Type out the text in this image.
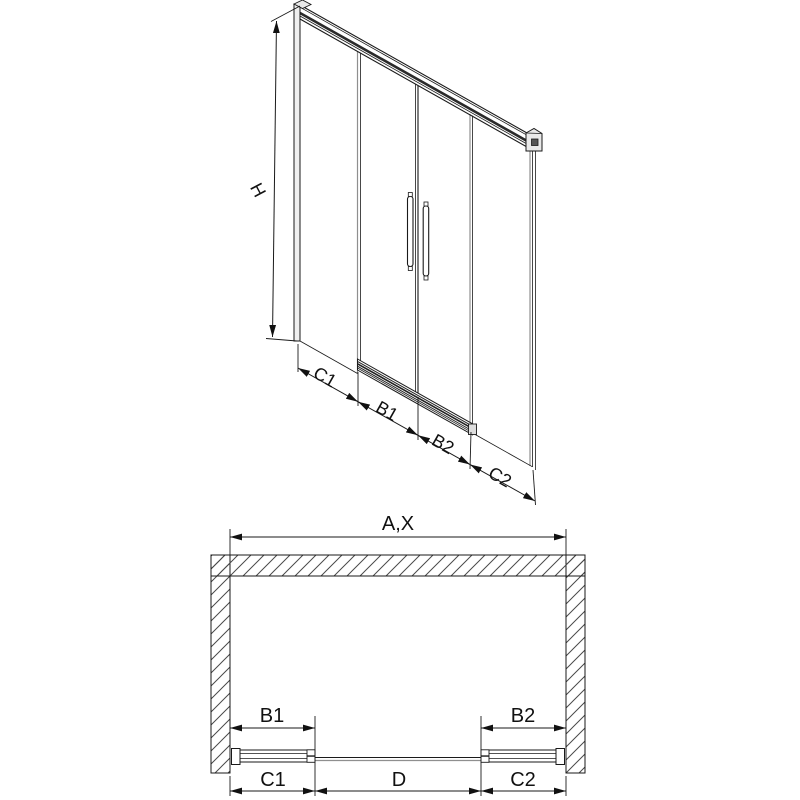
H
C1
B1
B2
C2
A,X
B1	B2
C1	D	C2
